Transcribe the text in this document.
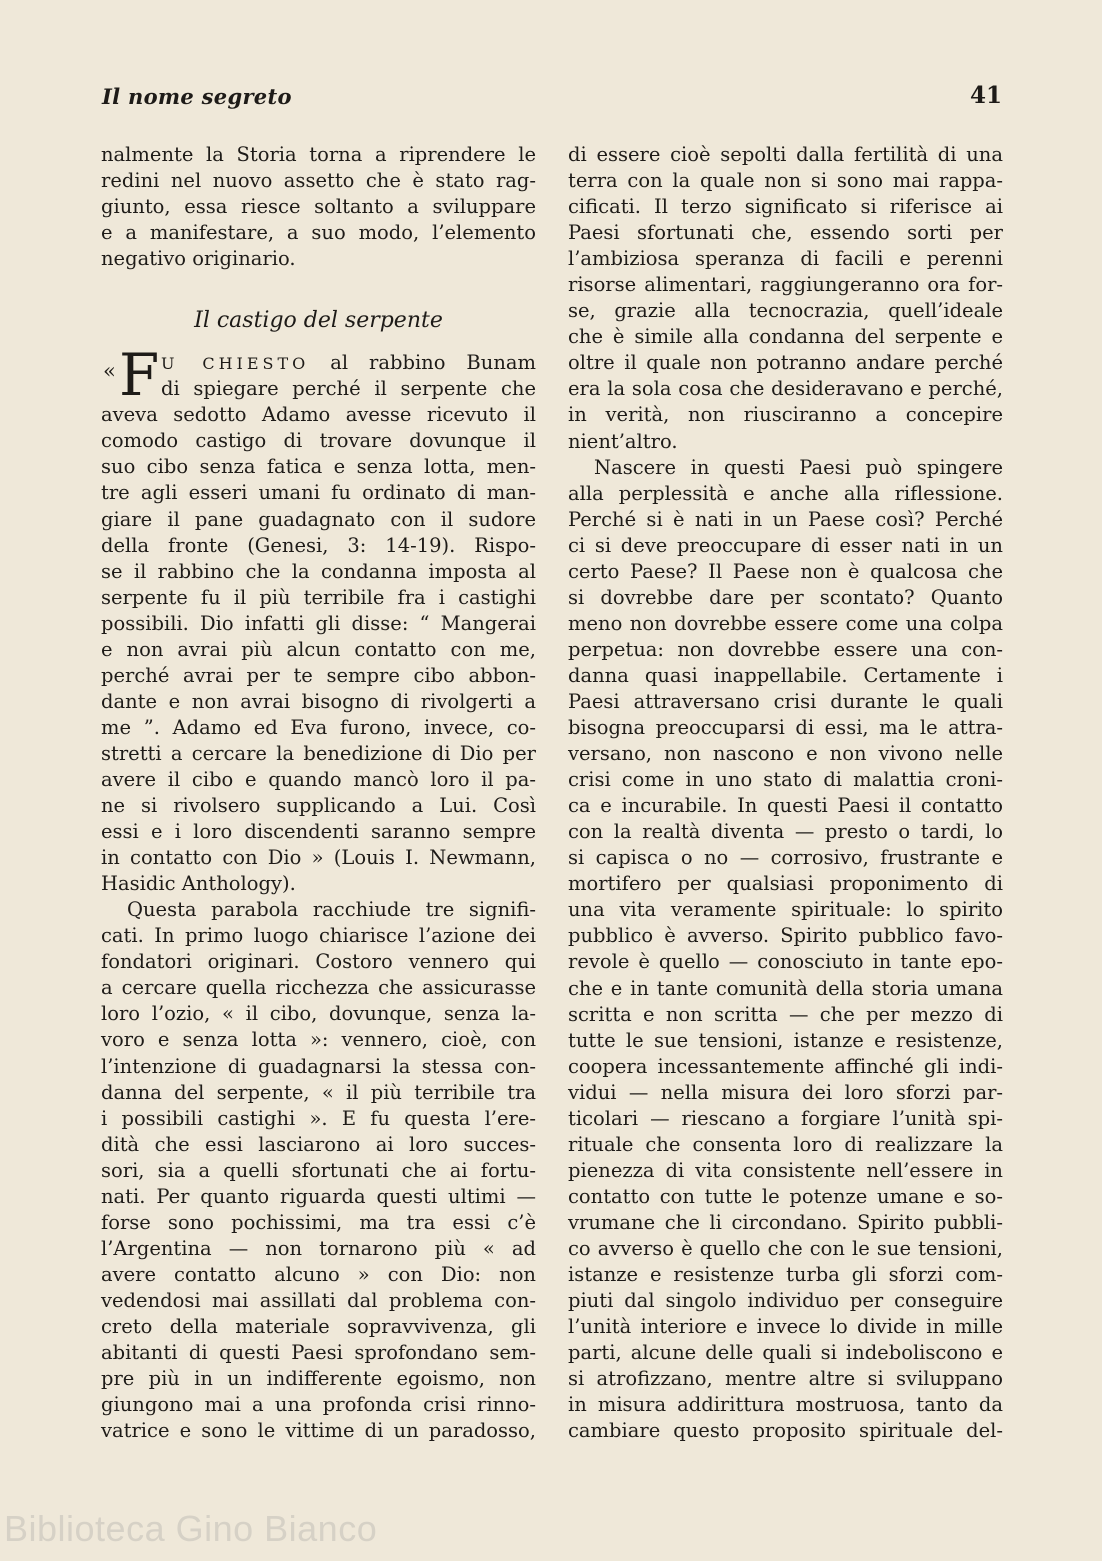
Il nome segreto	41
nalmente la Storia torna a riprendere le
redini nel nuovo assetto che è stato rag-
giunto, essa riesce soltanto a sviluppare
e a manifestare, a suo modo, l’elemento
negativo originario.
Il castigo del serpente
« F U CHIESTO al rabbino Bunam
di spiegare perché il serpente che
aveva sedotto Adamo avesse ricevuto il
comodo castigo di trovare dovunque il
suo cibo senza fatica e senza lotta, men-
tre agli esseri umani fu ordinato di man-
giare il pane guadagnato con il sudore
della fronte (Genesi, 3: 14-19). Rispo-
se il rabbino che la condanna imposta al
serpente fu il più terribile fra i castighi
possibili. Dio infatti gli disse: “ Mangerai
e non avrai più alcun contatto con me,
perché avrai per te sempre cibo abbon-
dante e non avrai bisogno di rivolgerti a
me ”. Adamo ed Eva furono, invece, co-
stretti a cercare la benedizione di Dio per
avere il cibo e quando mancò loro il pa-
ne si rivolsero supplicando a Lui. Così
essi e i loro discendenti saranno sempre
in contatto con Dio » (Louis I. Newmann,
Hasidic Anthology).
Questa parabola racchiude tre signifi-
cati. In primo luogo chiarisce l’azione dei
fondatori originari. Costoro vennero qui
a cercare quella ricchezza che assicurasse
loro l’ozio, « il cibo, dovunque, senza la-
voro e senza lotta »: vennero, cioè, con
l’intenzione di guadagnarsi la stessa con-
danna del serpente, « il più terribile tra
i possibili castighi ». E fu questa l’ere-
dità che essi lasciarono ai loro succes-
sori, sia a quelli sfortunati che ai fortu-
nati. Per quanto riguarda questi ultimi —
forse sono pochissimi, ma tra essi c’è
l’Argentina — non tornarono più « ad
avere contatto alcuno » con Dio: non
vedendosi mai assillati dal problema con-
creto della materiale sopravvivenza, gli
abitanti di questi Paesi sprofondano sem-
pre più in un indifferente egoismo, non
giungono mai a una profonda crisi rinno-
vatrice e sono le vittime di un paradosso,
di essere cioè sepolti dalla fertilità di una
terra con la quale non si sono mai rappa-
cificati. Il terzo significato si riferisce ai
Paesi sfortunati che, essendo sorti per
l’ambiziosa speranza di facili e perenni
risorse alimentari, raggiungeranno ora for-
se, grazie alla tecnocrazia, quell’ideale
che è simile alla condanna del serpente e
oltre il quale non potranno andare perché
era la sola cosa che desideravano e perché,
in verità, non riusciranno a concepire
nient’altro.
Nascere in questi Paesi può spingere
alla perplessità e anche alla riflessione.
Perché si è nati in un Paese così? Perché
ci si deve preoccupare di esser nati in un
certo Paese? Il Paese non è qualcosa che
si dovrebbe dare per scontato? Quanto
meno non dovrebbe essere come una colpa
perpetua: non dovrebbe essere una con-
danna quasi inappellabile. Certamente i
Paesi attraversano crisi durante le quali
bisogna preoccuparsi di essi, ma le attra-
versano, non nascono e non vivono nelle
crisi come in uno stato di malattia croni-
ca e incurabile. In questi Paesi il contatto
con la realtà diventa — presto o tardi, lo
si capisca o no — corrosivo, frustrante e
mortifero per qualsiasi proponimento di
una vita veramente spirituale: lo spirito
pubblico è avverso. Spirito pubblico favo-
revole è quello — conosciuto in tante epo-
che e in tante comunità della storia umana
scritta e non scritta — che per mezzo di
tutte le sue tensioni, istanze e resistenze,
coopera incessantemente affinché gli indi-
vidui — nella misura dei loro sforzi par-
ticolari — riescano a forgiare l’unità spi-
rituale che consenta loro di realizzare la
pienezza di vita consistente nell’essere in
contatto con tutte le potenze umane e so-
vrumane che li circondano. Spirito pubbli-
co avverso è quello che con le sue tensioni,
istanze e resistenze turba gli sforzi com-
piuti dal singolo individuo per conseguire
l’unità interiore e invece lo divide in mille
parti, alcune delle quali si indeboliscono e
si atrofizzano, mentre altre si sviluppano
in misura addirittura mostruosa, tanto da
cambiare questo proposito spirituale del-
Biblioteca Gino Bianco
